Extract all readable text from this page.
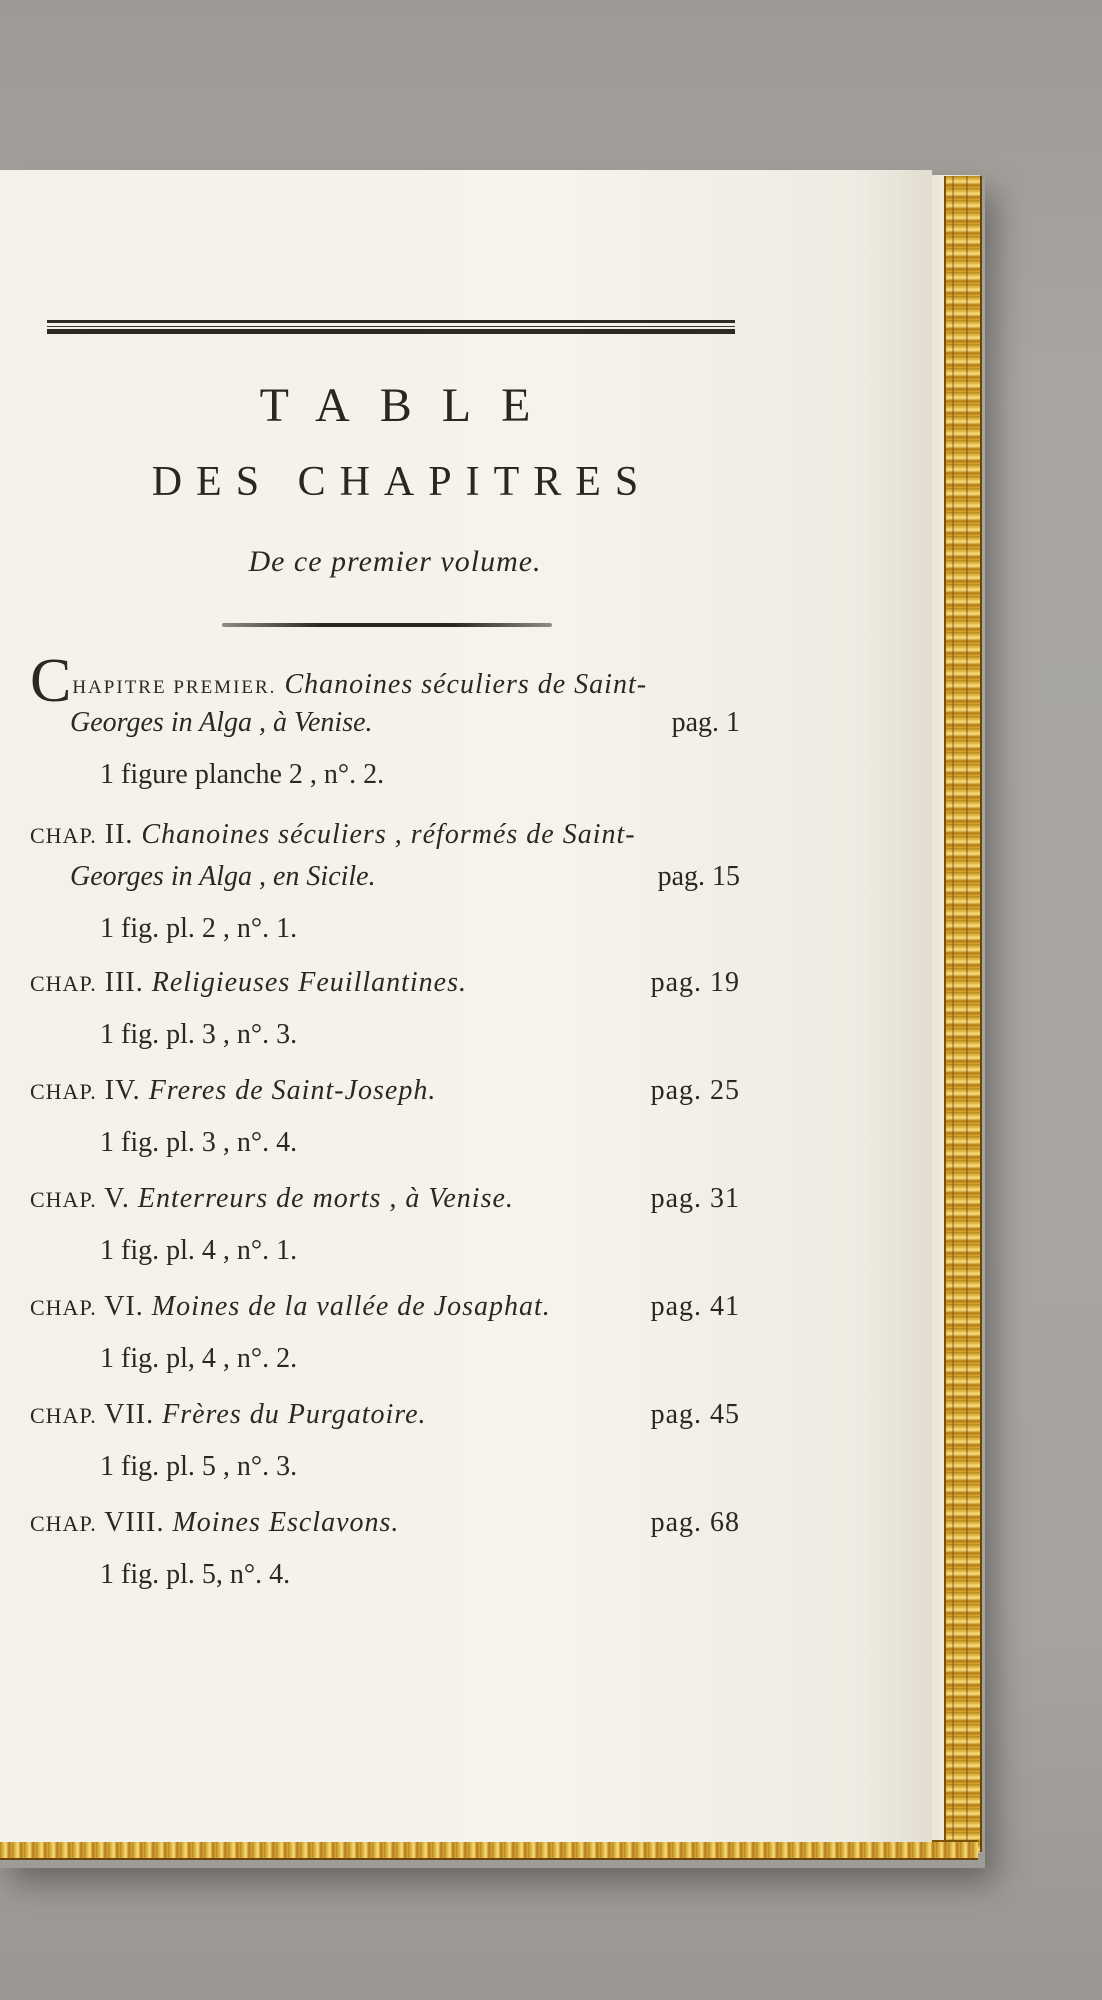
TABLE
DES CHAPITRES
De ce premier volume.
CHAPITRE PREMIER. Chanoines séculiers de Saint-
Georges in Alga , à Venise.	pag. 1
1 figure planche 2 , n°. 2.
CHAP. II. Chanoines séculiers , réformés de Saint-
Georges in Alga , en Sicile.	pag. 15
1 fig. pl. 2 , n°. 1.
CHAP. III. Religieuses Feuillantines.	pag. 19
1 fig. pl. 3 , n°. 3.
CHAP. IV. Freres de Saint-Joseph.	pag. 25
1 fig. pl. 3 , n°. 4.
CHAP. V. Enterreurs de morts , à Venise.	pag. 31
1 fig. pl. 4 , n°. 1.
CHAP. VI. Moines de la vallée de Josaphat.	pag. 41
1 fig. pl, 4 , n°. 2.
CHAP. VII. Frères du Purgatoire.	pag. 45
1 fig. pl. 5 , n°. 3.
CHAP. VIII. Moines Esclavons.	pag. 68
1 fig. pl. 5, n°. 4.
